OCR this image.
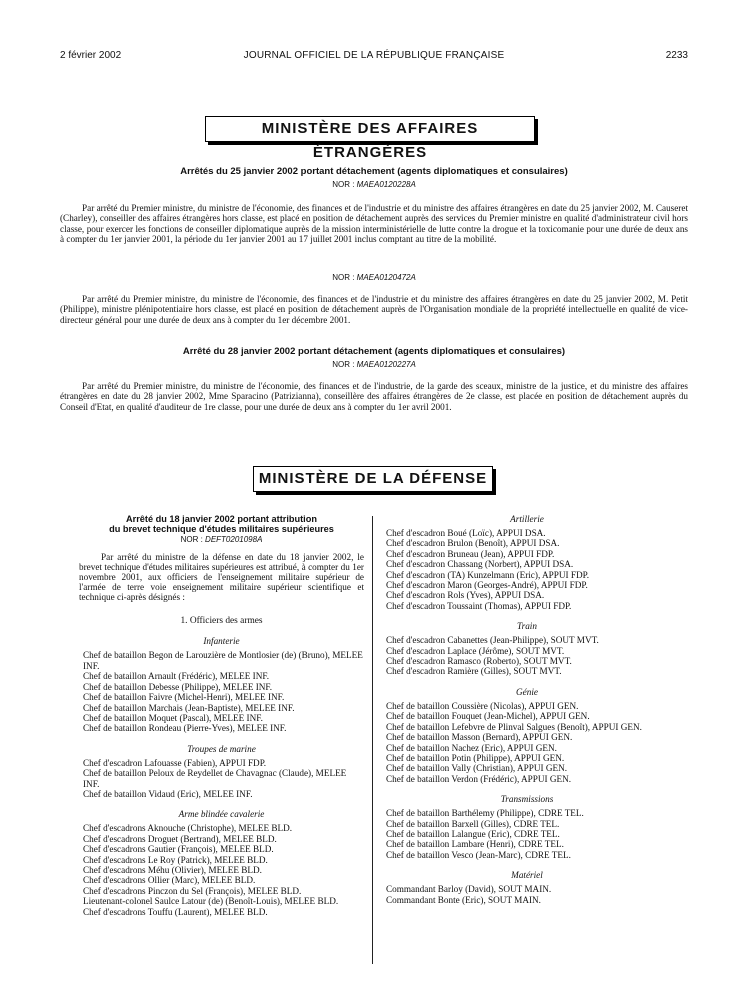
2 février 2002	JOURNAL OFFICIEL DE LA RÉPUBLIQUE FRANÇAISE	2233
MINISTÈRE DES AFFAIRES ÉTRANGÈRES
Arrêtés du 25 janvier 2002 portant détachement (agents diplomatiques et consulaires)
NOR : MAEA0120228A

Par arrêté du Premier ministre, du ministre de l'économie, des finances et de l'industrie et du ministre des affaires étrangères en date du 25 janvier 2002, M. Causeret (Charley), conseiller des affaires étrangères hors classe, est placé en position de détachement auprès des services du Premier ministre en qualité d'administrateur civil hors classe, pour exercer les fonctions de conseiller diplomatique auprès de la mission interministérielle de lutte contre la drogue et la toxicomanie pour une durée de deux ans à compter du 1er janvier 2001, la période du 1er janvier 2001 au 17 juillet 2001 inclus comptant au titre de la mobilité.

NOR : MAEA0120472A

Par arrêté du Premier ministre, du ministre de l'économie, des finances et de l'industrie et du ministre des affaires étrangères en date du 25 janvier 2002, M. Petit (Philippe), ministre plénipotentiaire hors classe, est placé en position de détachement auprès de l'Organisation mondiale de la propriété intellectuelle en qualité de vice-directeur général pour une durée de deux ans à compter du 1er décembre 2001.

Arrêté du 28 janvier 2002 portant détachement (agents diplomatiques et consulaires)
NOR : MAEA0120227A

Par arrêté du Premier ministre, du ministre de l'économie, des finances et de l'industrie, de la garde des sceaux, ministre de la justice, et du ministre des affaires étrangères en date du 28 janvier 2002, Mme Sparacino (Patrizianna), conseillère des affaires étrangères de 2e classe, est placée en position de détachement auprès du Conseil d'Etat, en qualité d'auditeur de 1re classe, pour une durée de deux ans à compter du 1er avril 2001.

MINISTÈRE DE LA DÉFENSE

Arrêté du 18 janvier 2002 portant attribution

du brevet technique d'études militaires supérieures

NOR : DEFT0201098A

Par arrêté du ministre de la défense en date du 18 janvier 2002, le brevet technique d'études militaires supérieures est attribué, à compter du 1er novembre 2001, aux officiers de l'enseignement militaire supérieur de l'armée de terre voie enseignement militaire supérieur scientifique et technique ci-après désignés :

1. Officiers des armes

Infanterie

Chef de bataillon Begon de Larouzière de Montlosier (de) (Bruno), MELEE INF.
Chef de bataillon Arnault (Frédéric), MELEE INF.
Chef de bataillon Debesse (Philippe), MELEE INF.
Chef de bataillon Faivre (Michel-Henri), MELEE INF.
Chef de bataillon Marchais (Jean-Baptiste), MELEE INF.
Chef de bataillon Moquet (Pascal), MELEE INF.
Chef de bataillon Rondeau (Pierre-Yves), MELEE INF.

Troupes de marine

Chef d'escadron Lafouasse (Fabien), APPUI FDP.
Chef de bataillon Peloux de Reydellet de Chavagnac (Claude), MELEE INF.
Chef de bataillon Vidaud (Eric), MELEE INF.

Arme blindée cavalerie

Chef d'escadrons Aknouche (Christophe), MELEE BLD.
Chef d'escadrons Droguet (Bertrand), MELEE BLD.
Chef d'escadrons Gautier (François), MELEE BLD.
Chef d'escadrons Le Roy (Patrick), MELEE BLD.
Chef d'escadrons Méhu (Olivier), MELEE BLD.
Chef d'escadrons Ollier (Marc), MELEE BLD.
Chef d'escadrons Pinczon du Sel (François), MELEE BLD.
Lieutenant-colonel Saulce Latour (de) (Benoît-Louis), MELEE BLD.
Chef d'escadrons Touffu (Laurent), MELEE BLD.

Artillerie

Chef d'escadron Boué (Loïc), APPUI DSA.
Chef d'escadron Brulon (Benoît), APPUI DSA.
Chef d'escadron Bruneau (Jean), APPUI FDP.
Chef d'escadron Chassang (Norbert), APPUI DSA.
Chef d'escadron (TA) Kunzelmann (Eric), APPUI FDP.
Chef d'escadron Maron (Georges-André), APPUI FDP.
Chef d'escadron Rols (Yves), APPUI DSA.
Chef d'escadron Toussaint (Thomas), APPUI FDP.

Train

Chef d'escadron Cabanettes (Jean-Philippe), SOUT MVT.
Chef d'escadron Laplace (Jérôme), SOUT MVT.
Chef d'escadron Ramasco (Roberto), SOUT MVT.
Chef d'escadron Ramière (Gilles), SOUT MVT.

Génie

Chef de bataillon Coussière (Nicolas), APPUI GEN.
Chef de bataillon Fouquet (Jean-Michel), APPUI GEN.
Chef de bataillon Lefebvre de Plinval Salgues (Benoît), APPUI GEN.
Chef de bataillon Masson (Bernard), APPUI GEN.
Chef de bataillon Nachez (Eric), APPUI GEN.
Chef de bataillon Potin (Philippe), APPUI GEN.
Chef de bataillon Vally (Christian), APPUI GEN.
Chef de bataillon Verdon (Frédéric), APPUI GEN.

Transmissions

Chef de bataillon Barthélemy (Philippe), CDRE TEL.
Chef de bataillon Barxell (Gilles), CDRE TEL.
Chef de bataillon Lalangue (Eric), CDRE TEL.
Chef de bataillon Lambare (Henri), CDRE TEL.
Chef de bataillon Vesco (Jean-Marc), CDRE TEL.

Matériel

Commandant Barloy (David), SOUT MAIN.
Commandant Bonte (Eric), SOUT MAIN.
